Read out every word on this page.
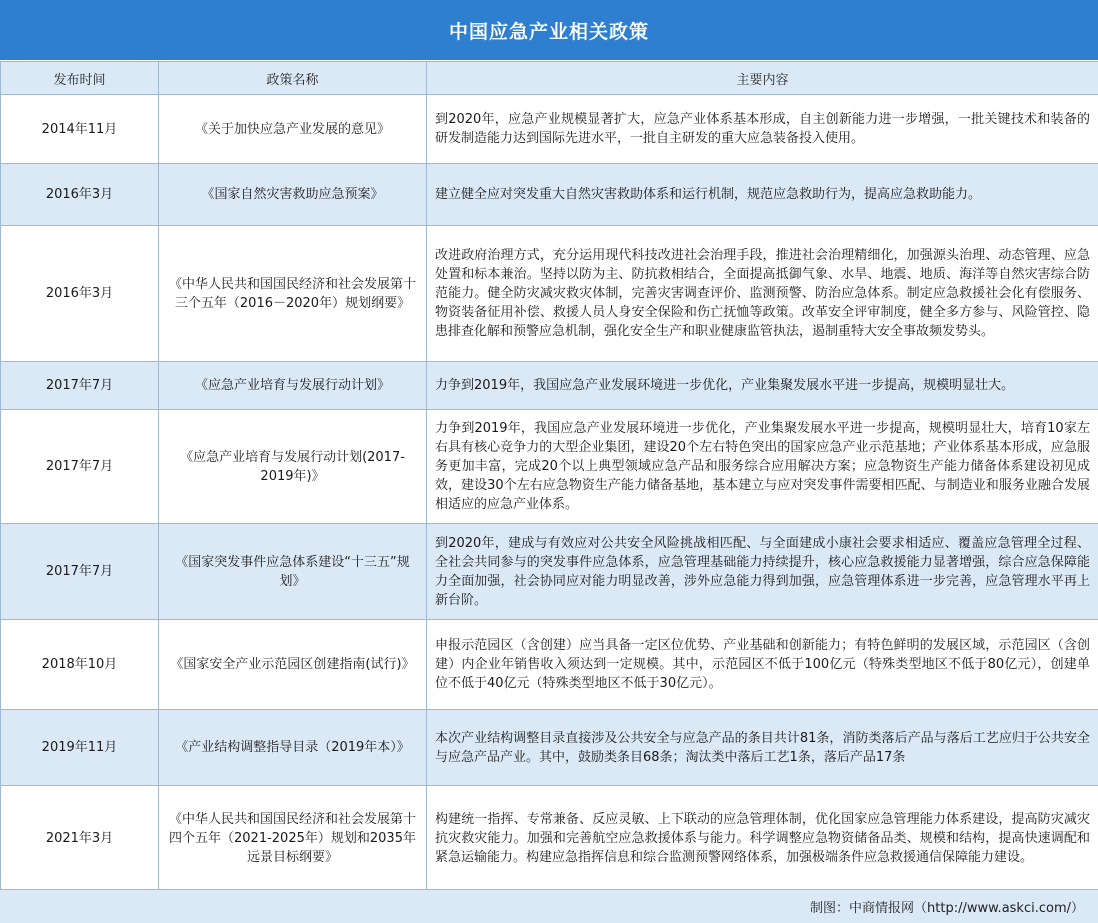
中国应急产业相关政策
发布时间	政策名称	主要内容
2014年11月	《关于加快应急产业发展的意见》	到2020年，应急产业规模显著扩大，应急产业体系基本形成，自主创新能力进一步增强，一批关键技术和装备的研发制造能力达到国际先进水平，一批自主研发的重大应急装备投入使用。
2016年3月	《国家自然灾害救助应急预案》	建立健全应对突发重大自然灾害救助体系和运行机制，规范应急救助行为，提高应急救助能力。
2016年3月	《中华人民共和国国民经济和社会发展第十三个五年（2016－2020年）规划纲要》	改进政府治理方式，充分运用现代科技改进社会治理手段，推进社会治理精细化，加强源头治理、动态管理、应急处置和标本兼治。坚持以防为主、防抗救相结合，全面提高抵御气象、水旱、地震、地质、海洋等自然灾害综合防范能力。健全防灾减灾救灾体制，完善灾害调查评价、监测预警、防治应急体系。制定应急救援社会化有偿服务、物资装备征用补偿、救援人员人身安全保险和伤亡抚恤等政策。改革安全评审制度，健全多方参与、风险管控、隐患排查化解和预警应急机制，强化安全生产和职业健康监管执法，遏制重特大安全事故频发势头。
2017年7月	《应急产业培育与发展行动计划》	力争到2019年，我国应急产业发展环境进一步优化，产业集聚发展水平进一步提高，规模明显壮大。
2017年7月	《应急产业培育与发展行动计划(2017-2019年)》	力争到2019年，我国应急产业发展环境进一步优化，产业集聚发展水平进一步提高，规模明显壮大，培育10家左右具有核心竞争力的大型企业集团，建设20个左右特色突出的国家应急产业示范基地；产业体系基本形成，应急服务更加丰富，完成20个以上典型领域应急产品和服务综合应用解决方案；应急物资生产能力储备体系建设初见成效，建设30个左右应急物资生产能力储备基地，基本建立与应对突发事件需要相匹配、与制造业和服务业融合发展相适应的应急产业体系。
2017年7月	《国家突发事件应急体系建设“十三五”规划》	到2020年，建成与有效应对公共安全风险挑战相匹配、与全面建成小康社会要求相适应、覆盖应急管理全过程、全社会共同参与的突发事件应急体系，应急管理基础能力持续提升，核心应急救援能力显著增强，综合应急保障能力全面加强，社会协同应对能力明显改善，涉外应急能力得到加强，应急管理体系进一步完善，应急管理水平再上新台阶。
2018年10月	《国家安全产业示范园区创建指南(试行)》	申报示范园区（含创建）应当具备一定区位优势、产业基础和创新能力；有特色鲜明的发展区域，示范园区（含创建）内企业年销售收入须达到一定规模。其中，示范园区不低于100亿元（特殊类型地区不低于80亿元），创建单位不低于40亿元（特殊类型地区不低于30亿元）。
2019年11月	《产业结构调整指导目录（2019年本）》	本次产业结构调整目录直接涉及公共安全与应急产品的条目共计81条，消防类落后产品与落后工艺应归于公共安全与应急产品产业。其中，鼓励类条目68条；淘汰类中落后工艺1条，落后产品17条
2021年3月	《中华人民共和国国民经济和社会发展第十四个五年（2021-2025年）规划和2035年远景目标纲要》	构建统一指挥、专常兼备、反应灵敏、上下联动的应急管理体制，优化国家应急管理能力体系建设，提高防灾减灾抗灾救灾能力。加强和完善航空应急救援体系与能力。科学调整应急物资储备品类、规模和结构，提高快速调配和紧急运输能力。构建应急指挥信息和综合监测预警网络体系，加强极端条件应急救援通信保障能力建设。
制图：中商情报网（http://www.askci.com/）
